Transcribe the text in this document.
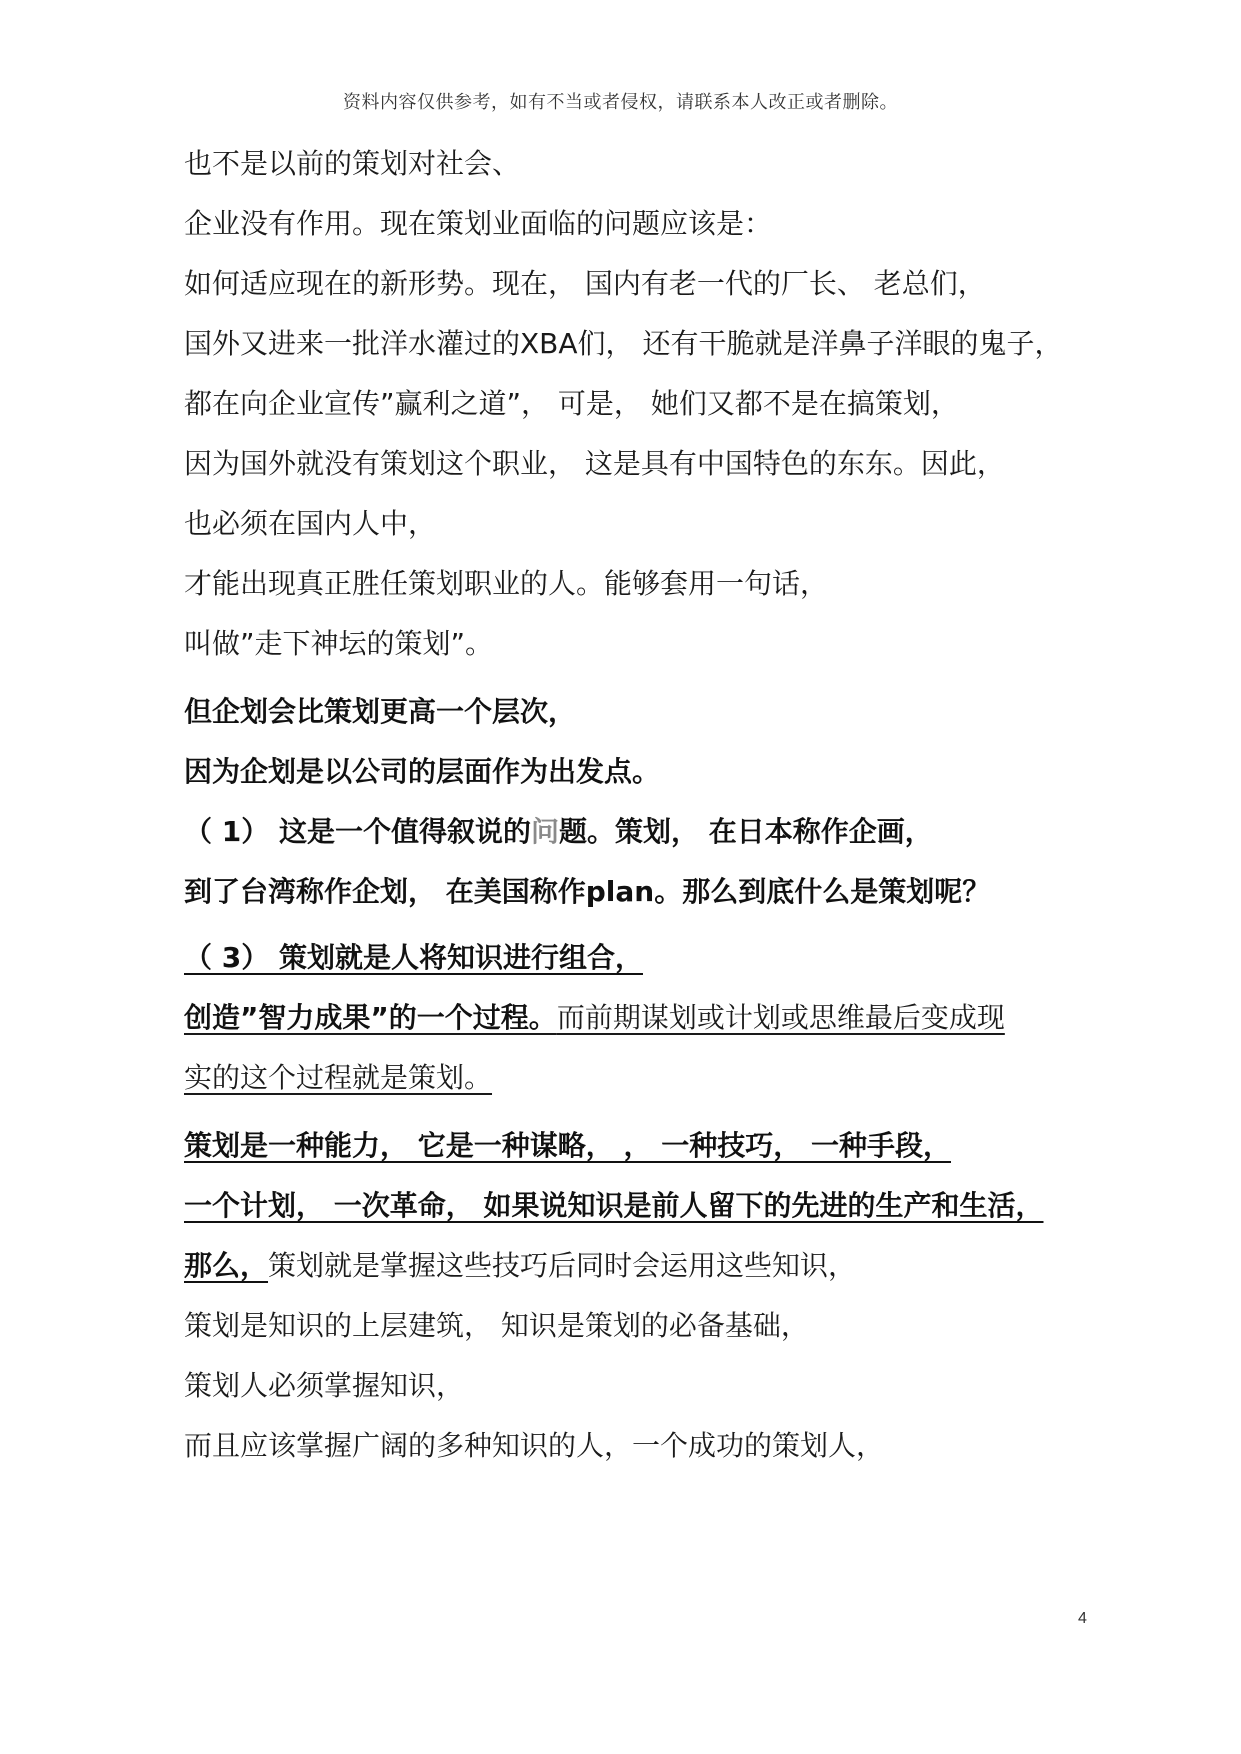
资料内容仅供参考，如有不当或者侵权，请联系本人改正或者删除。
也不是以前的策划对社会、
企业没有作用。现在策划业面临的问题应该是：
如何适应现在的新形势。现在， 国内有老一代的厂长、 老总们，
国外又进来一批洋水灌过的XBA们， 还有干脆就是洋鼻子洋眼的鬼子，
都在向企业宣传”赢利之道”， 可是， 她们又都不是在搞策划，
因为国外就没有策划这个职业， 这是具有中国特色的东东。因此，
也必须在国内人中，
才能出现真正胜任策划职业的人。能够套用一句话，
叫做”走下神坛的策划”。
但企划会比策划更高一个层次，
因为企划是以公司的层面作为出发点。
（ 1） 这是一个值得叙说的问题。策划， 在日本称作企画，
到了台湾称作企划， 在美国称作plan。那么到底什么是策划呢？
（ 3） 策划就是人将知识进行组合，
创造”智力成果”的一个过程。而前期谋划或计划或思维最后变成现
实的这个过程就是策划。
策划是一种能力， 它是一种谋略， ， 一种技巧， 一种手段，
一个计划， 一次革命， 如果说知识是前人留下的先进的生产和生活，
那么，策划就是掌握这些技巧后同时会运用这些知识，
策划是知识的上层建筑， 知识是策划的必备基础，
策划人必须掌握知识，
而且应该掌握广阔的多种知识的人，一个成功的策划人，
4
